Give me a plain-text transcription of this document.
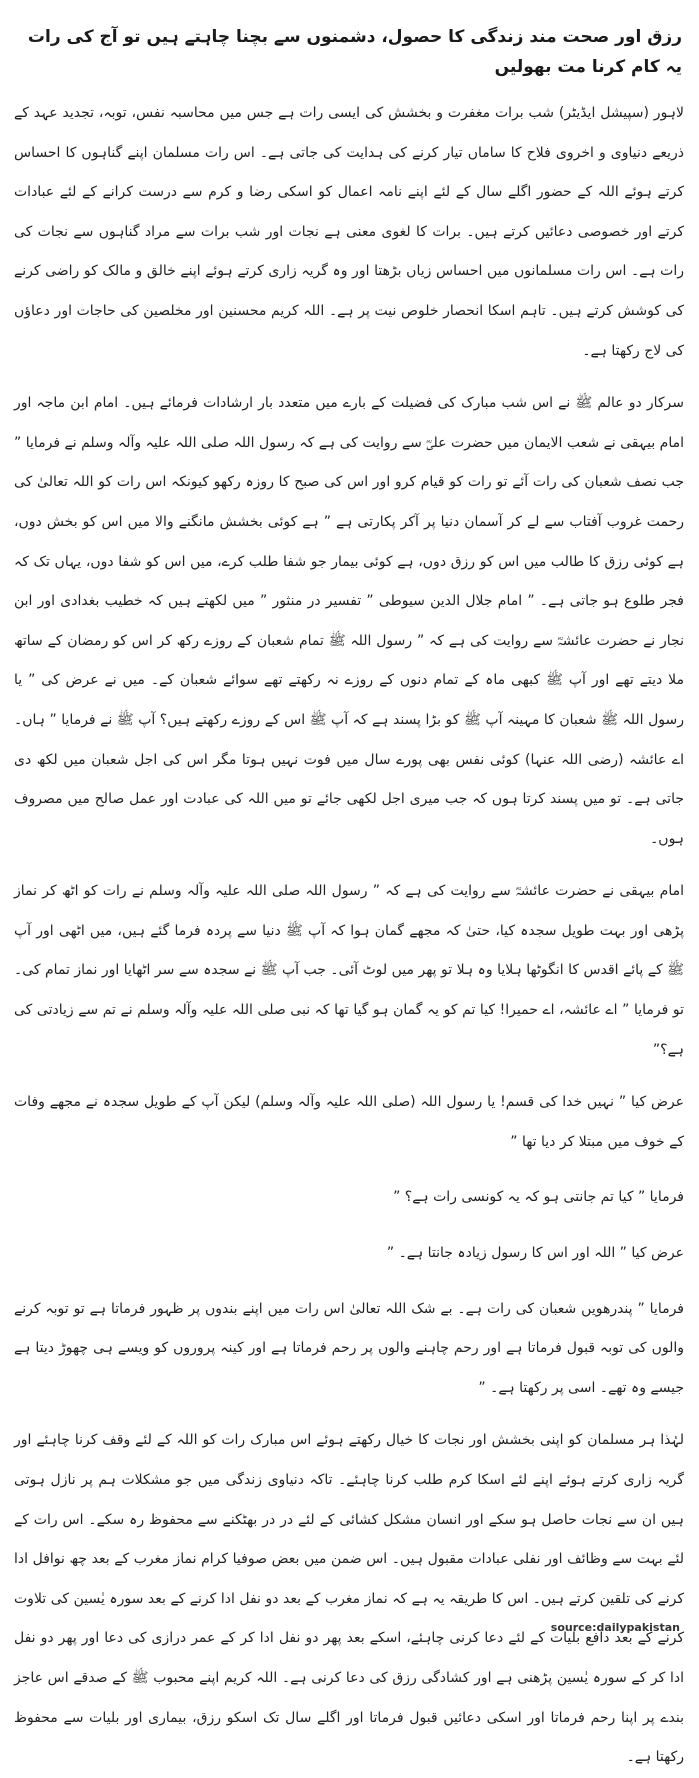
رزق اور صحت مند زندگی کا حصول، دشمنوں سے بچنا چاہتے ہیں تو آج کی رات یہ کام کرنا مت بھولیں

لاہور (سپیشل ایڈیٹر) شب برات مغفرت و بخشش کی ایسی رات ہے جس میں محاسبہ نفس، توبہ، تجدید عہد کے ذریعے دنیاوی و اخروی فلاح کا ساماں تیار کرنے کی ہدایت کی جاتی ہے۔ اس رات مسلمان اپنے گناہوں کا احساس کرتے ہوئے اللہ کے حضور اگلے سال کے لئے اپنے نامہ اعمال کو اسکی رضا و کرم سے درست کرانے کے لئے عبادات کرتے اور خصوصی دعائیں کرتے ہیں۔ برات کا لغوی معنی ہے نجات اور شب برات سے مراد گناہوں سے نجات کی رات ہے۔ اس رات مسلمانوں میں احساس زیاں بڑھتا اور وہ گریہ زاری کرتے ہوئے اپنے خالق و مالک کو راضی کرنے کی کوشش کرتے ہیں۔ تاہم اسکا انحصار خلوص نیت پر ہے۔ اللہ کریم محسنین اور مخلصین کی حاجات اور دعاؤں کی لاج رکھتا ہے۔

سرکار دو عالم ﷺ نے اس شب مبارک کی فضیلت کے بارے میں متعدد بار ارشادات فرمائے ہیں۔ امام ابن ماجہ اور امام بیہقی نے شعب الایمان میں حضرت علیؓ سے روایت کی ہے کہ رسول اللہ صلی اللہ علیہ وآلہ وسلم نے فرمایا ” جب نصف شعبان کی رات آئے تو رات کو قیام کرو اور اس کی صبح کا روزہ رکھو کیونکہ اس رات کو اللہ تعالیٰ کی رحمت غروب آفتاب سے لے کر آسمان دنیا پر آکر پکارتی ہے ” ہے کوئی بخشش مانگنے والا میں اس کو بخش دوں، ہے کوئی رزق کا طالب میں اس کو رزق دوں، ہے کوئی بیمار جو شفا طلب کرے، میں اس کو شفا دوں، یہاں تک کہ فجر طلوع ہو جاتی ہے۔ ” امام جلال الدین سیوطی ” تفسیر در منثور ” میں لکھتے ہیں کہ خطیب بغدادی اور ابن نجار نے حضرت عائشہؓ سے روایت کی ہے کہ ” رسول اللہ ﷺ تمام شعبان کے روزے رکھ کر اس کو رمضان کے ساتھ ملا دیتے تھے اور آپ ﷺ کبھی ماہ کے تمام دنوں کے روزے نہ رکھتے تھے سوائے شعبان کے۔ میں نے عرض کی ” یا رسول اللہ ﷺ شعبان کا مہینہ آپ ﷺ کو بڑا پسند ہے کہ آپ ﷺ اس کے روزے رکھتے ہیں؟ آپ ﷺ نے فرمایا ” ہاں۔ اے عائشہ (رضی اللہ عنہا) کوئی نفس بھی پورے سال میں فوت نہیں ہوتا مگر اس کی اجل شعبان میں لکھ دی جاتی ہے۔ تو میں پسند کرتا ہوں کہ جب میری اجل لکھی جائے تو میں اللہ کی عبادت اور عمل صالح میں مصروف ہوں۔

امام بیہقی نے حضرت عائشہؓ سے روایت کی ہے کہ ” رسول اللہ صلی اللہ علیہ وآلہ وسلم نے رات کو اٹھ کر نماز پڑھی اور بہت طویل سجدہ کیا، حتیٰ کہ مجھے گمان ہوا کہ آپ ﷺ دنیا سے پردہ فرما گئے ہیں، میں اٹھی اور آپ ﷺ کے پائے اقدس کا انگوٹھا ہلایا وہ ہلا تو پھر میں لوٹ آئی۔ جب آپ ﷺ نے سجدہ سے سر اٹھایا اور نماز تمام کی۔ تو فرمایا ” اے عائشہ، اے حمیرا! کیا تم کو یہ گمان ہو گیا تھا کہ نبی صلی اللہ علیہ وآلہ وسلم نے تم سے زیادتی کی ہے؟”

عرض کیا ” نہیں خدا کی قسم! یا رسول اللہ (صلی اللہ علیہ وآلہ وسلم) لیکن آپ کے طویل سجدہ نے مجھے وفات کے خوف میں مبتلا کر دیا تھا ”

فرمایا ” کیا تم جانتی ہو کہ یہ کونسی رات ہے؟ ”

عرض کیا ” اللہ اور اس کا رسول زیادہ جانتا ہے۔ ”

فرمایا ” پندرھویں شعبان کی رات ہے۔ بے شک اللہ تعالیٰ اس رات میں اپنے بندوں پر ظہور فرماتا ہے تو توبہ کرنے والوں کی توبہ قبول فرماتا ہے اور رحم چاہنے والوں پر رحم فرماتا ہے اور کینہ پروروں کو ویسے ہی چھوڑ دیتا ہے جیسے وہ تھے۔ اسی پر رکھتا ہے۔ ”

لہٰذا ہر مسلمان کو اپنی بخشش اور نجات کا خیال رکھتے ہوئے اس مبارک رات کو اللہ کے لئے وقف کرنا چاہئے اور گریہ زاری کرتے ہوئے اپنے لئے اسکا کرم طلب کرنا چاہئے۔ تاکہ دنیاوی زندگی میں جو مشکلات ہم پر نازل ہوتی ہیں ان سے نجات حاصل ہو سکے اور انسان مشکل کشائی کے لئے در در بھٹکنے سے محفوظ رہ سکے۔ اس رات کے لئے بہت سے وظائف اور نفلی عبادات مقبول ہیں۔ اس ضمن میں بعض صوفیا کرام نماز مغرب کے بعد چھ نوافل ادا کرنے کی تلقین کرتے ہیں۔ اس کا طریقہ یہ ہے کہ نماز مغرب کے بعد دو نفل ادا کرنے کے بعد سورہ یٰسین کی تلاوت کرنے کے بعد دافع بلیات کے لئے دعا کرنی چاہئے، اسکے بعد پھر دو نفل ادا کر کے عمر درازی کی دعا اور پھر دو نفل ادا کر کے سورہ یٰسین پڑھنی ہے اور کشادگی رزق کی دعا کرنی ہے۔ اللہ کریم اپنے محبوب ﷺ کے صدقے اس عاجز بندے پر اپنا رحم فرماتا اور اسکی دعائیں قبول فرماتا اور اگلے سال تک اسکو رزق، بیماری اور بلیات سے محفوظ رکھتا ہے۔

source:dailypakistan
